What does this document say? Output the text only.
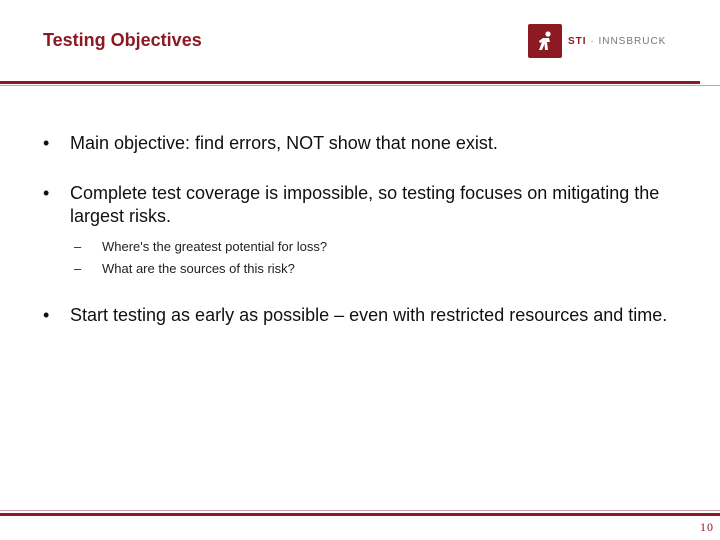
Testing Objectives	STI · INNSBRUCK
• Main objective: find errors, NOT show that none exist.
• Complete test coverage is impossible, so testing focuses on mitigating the largest risks.
– Where's the greatest potential for loss?
– What are the sources of this risk?
• Start testing as early as possible – even with restricted resources and time.
10
